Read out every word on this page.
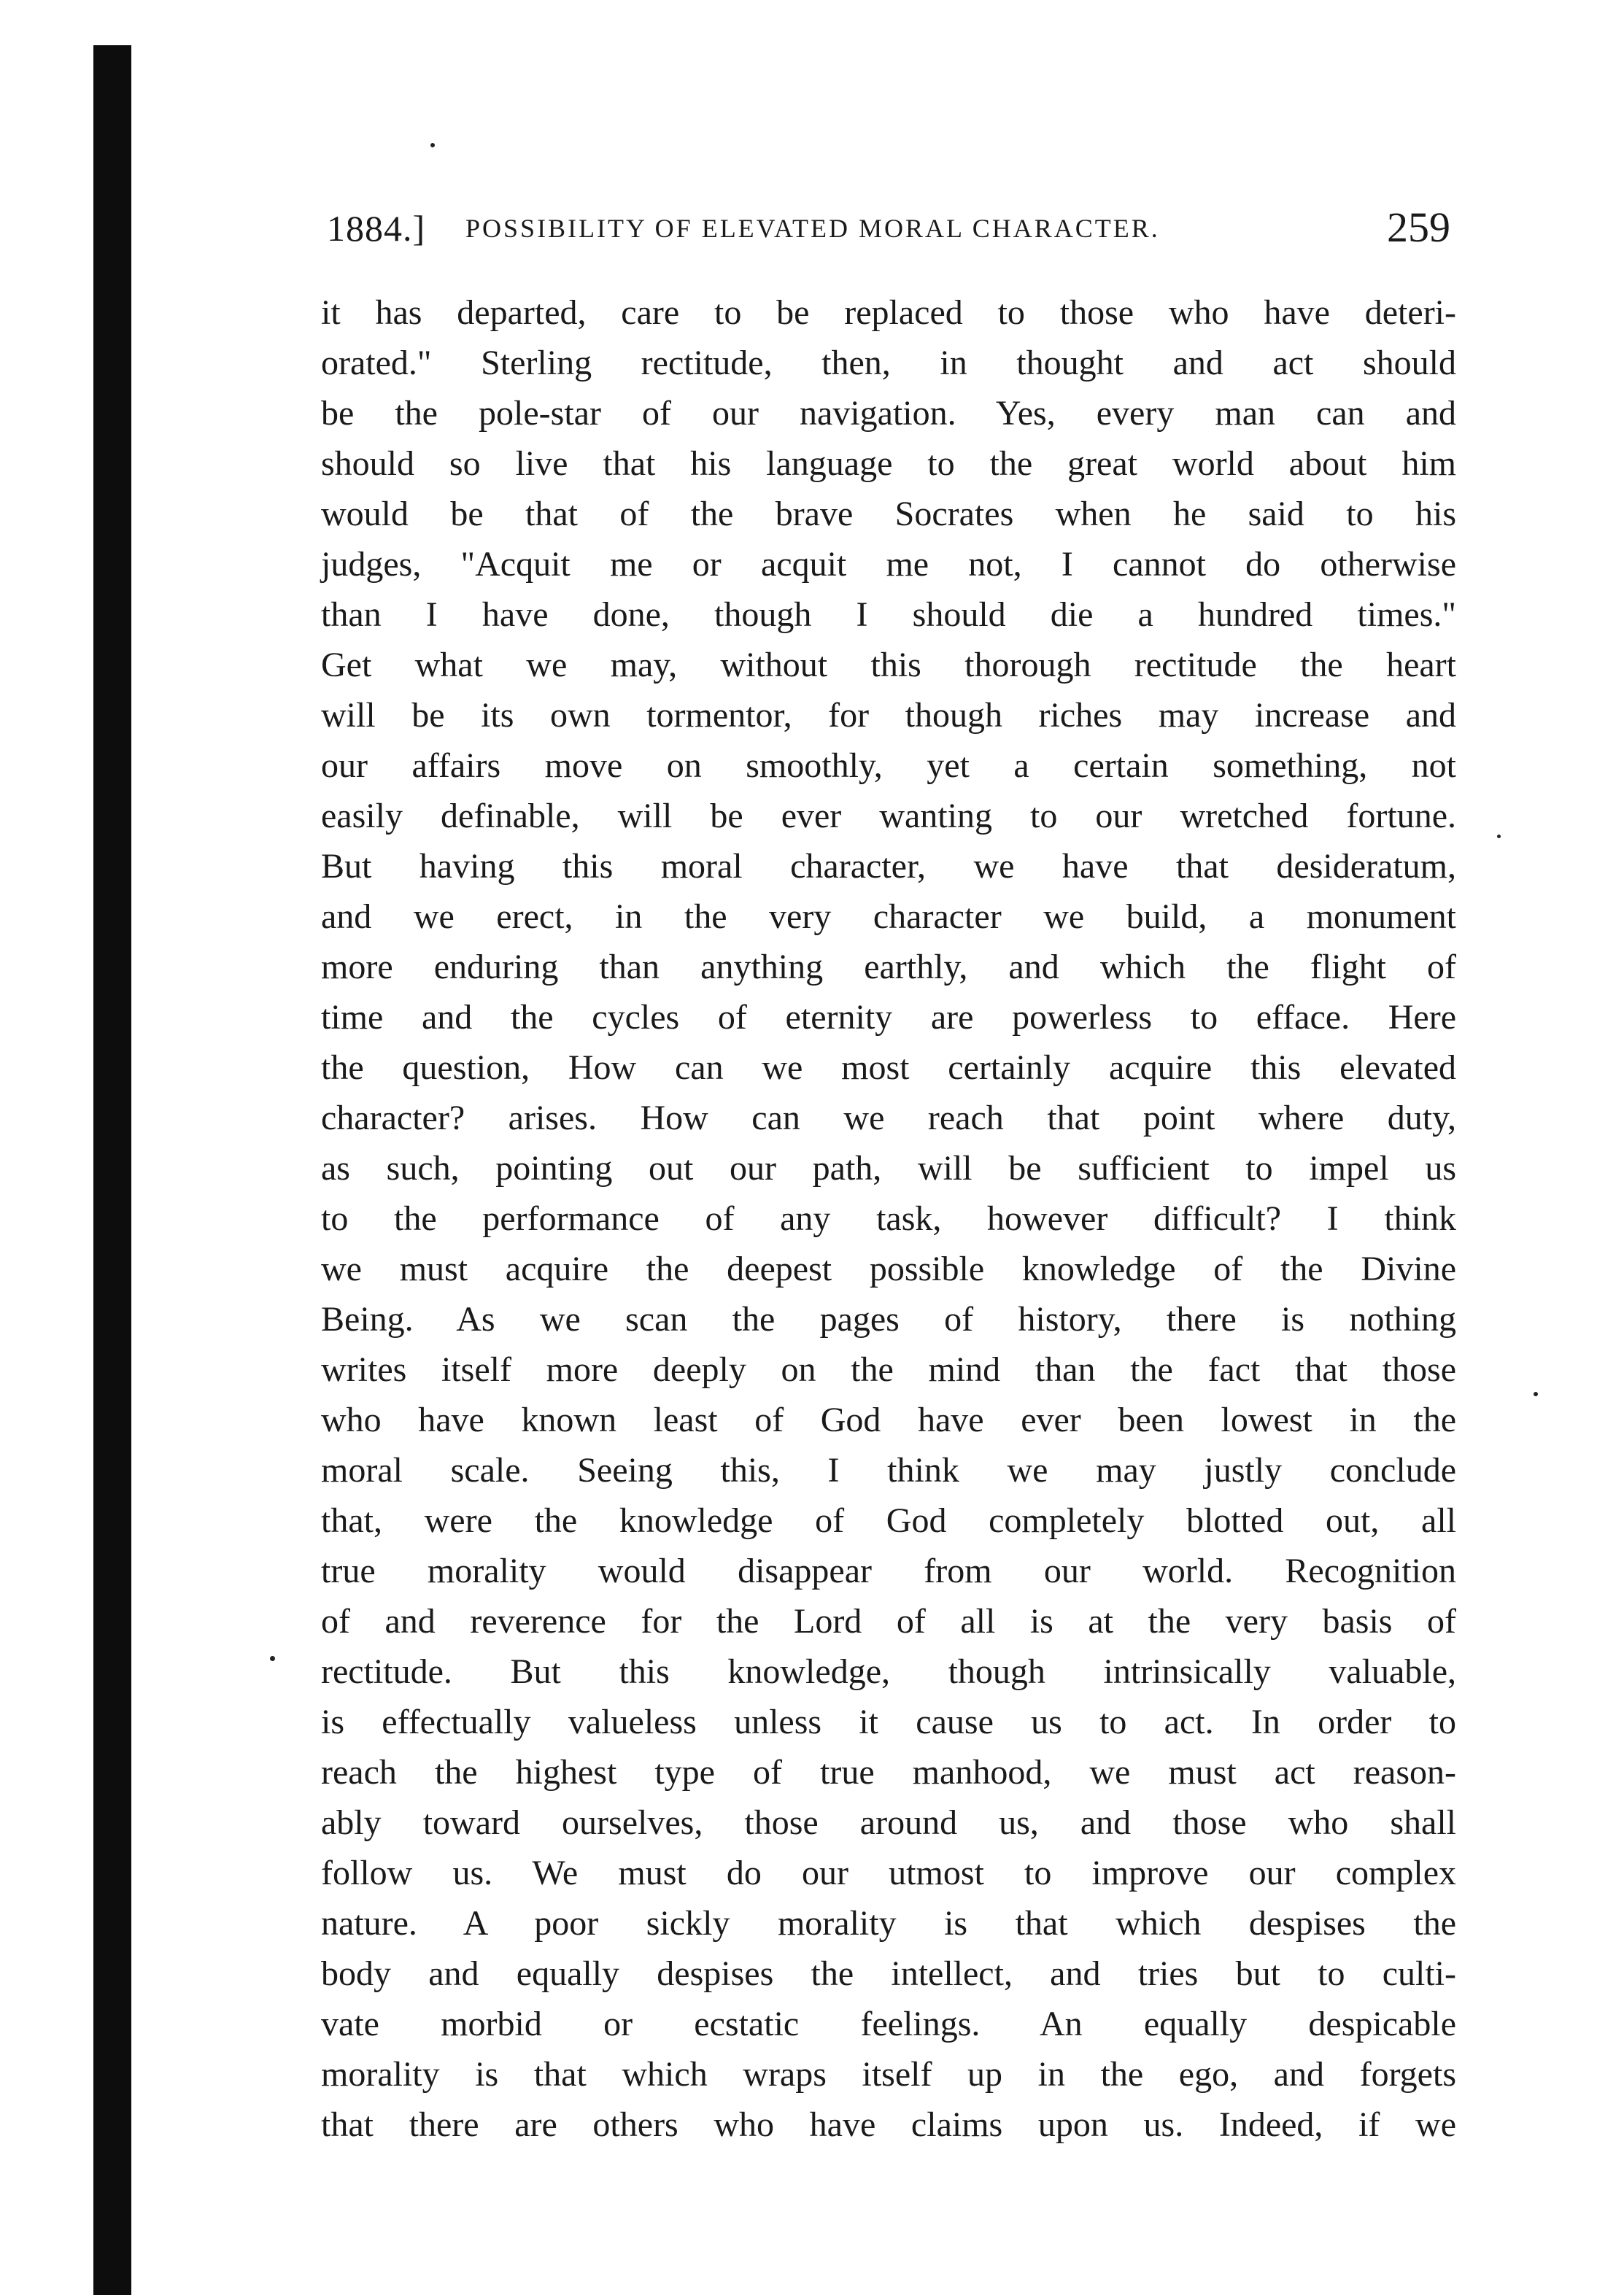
1884.] POSSIBILITY OF ELEVATED MORAL CHARACTER.	259
it has departed, care to be replaced to those who have deteri-
orated." Sterling rectitude, then, in thought and act should
be the pole-star of our navigation. Yes, every man can and
should so live that his language to the great world about him
would be that of the brave Socrates when he said to his
judges, "Acquit me or acquit me not, I cannot do otherwise
than I have done, though I should die a hundred times."
Get what we may, without this thorough rectitude the heart
will be its own tormentor, for though riches may increase and
our affairs move on smoothly, yet a certain something, not
easily definable, will be ever wanting to our wretched fortune.
But having this moral character, we have that desideratum,
and we erect, in the very character we build, a monument
more enduring than anything earthly, and which the flight of
time and the cycles of eternity are powerless to efface. Here
the question, How can we most certainly acquire this elevated
character? arises. How can we reach that point where duty,
as such, pointing out our path, will be sufficient to impel us
to the performance of any task, however difficult? I think
we must acquire the deepest possible knowledge of the Divine
Being. As we scan the pages of history, there is nothing
writes itself more deeply on the mind than the fact that those
who have known least of God have ever been lowest in the
moral scale. Seeing this, I think we may justly conclude
that, were the knowledge of God completely blotted out, all
true morality would disappear from our world. Recognition
of and reverence for the Lord of all is at the very basis of
rectitude. But this knowledge, though intrinsically valuable,
is effectually valueless unless it cause us to act. In order to
reach the highest type of true manhood, we must act reason-
ably toward ourselves, those around us, and those who shall
follow us. We must do our utmost to improve our complex
nature. A poor sickly morality is that which despises the
body and equally despises the intellect, and tries but to culti-
vate morbid or ecstatic feelings. An equally despicable
morality is that which wraps itself up in the ego, and forgets
that there are others who have claims upon us. Indeed, if we
